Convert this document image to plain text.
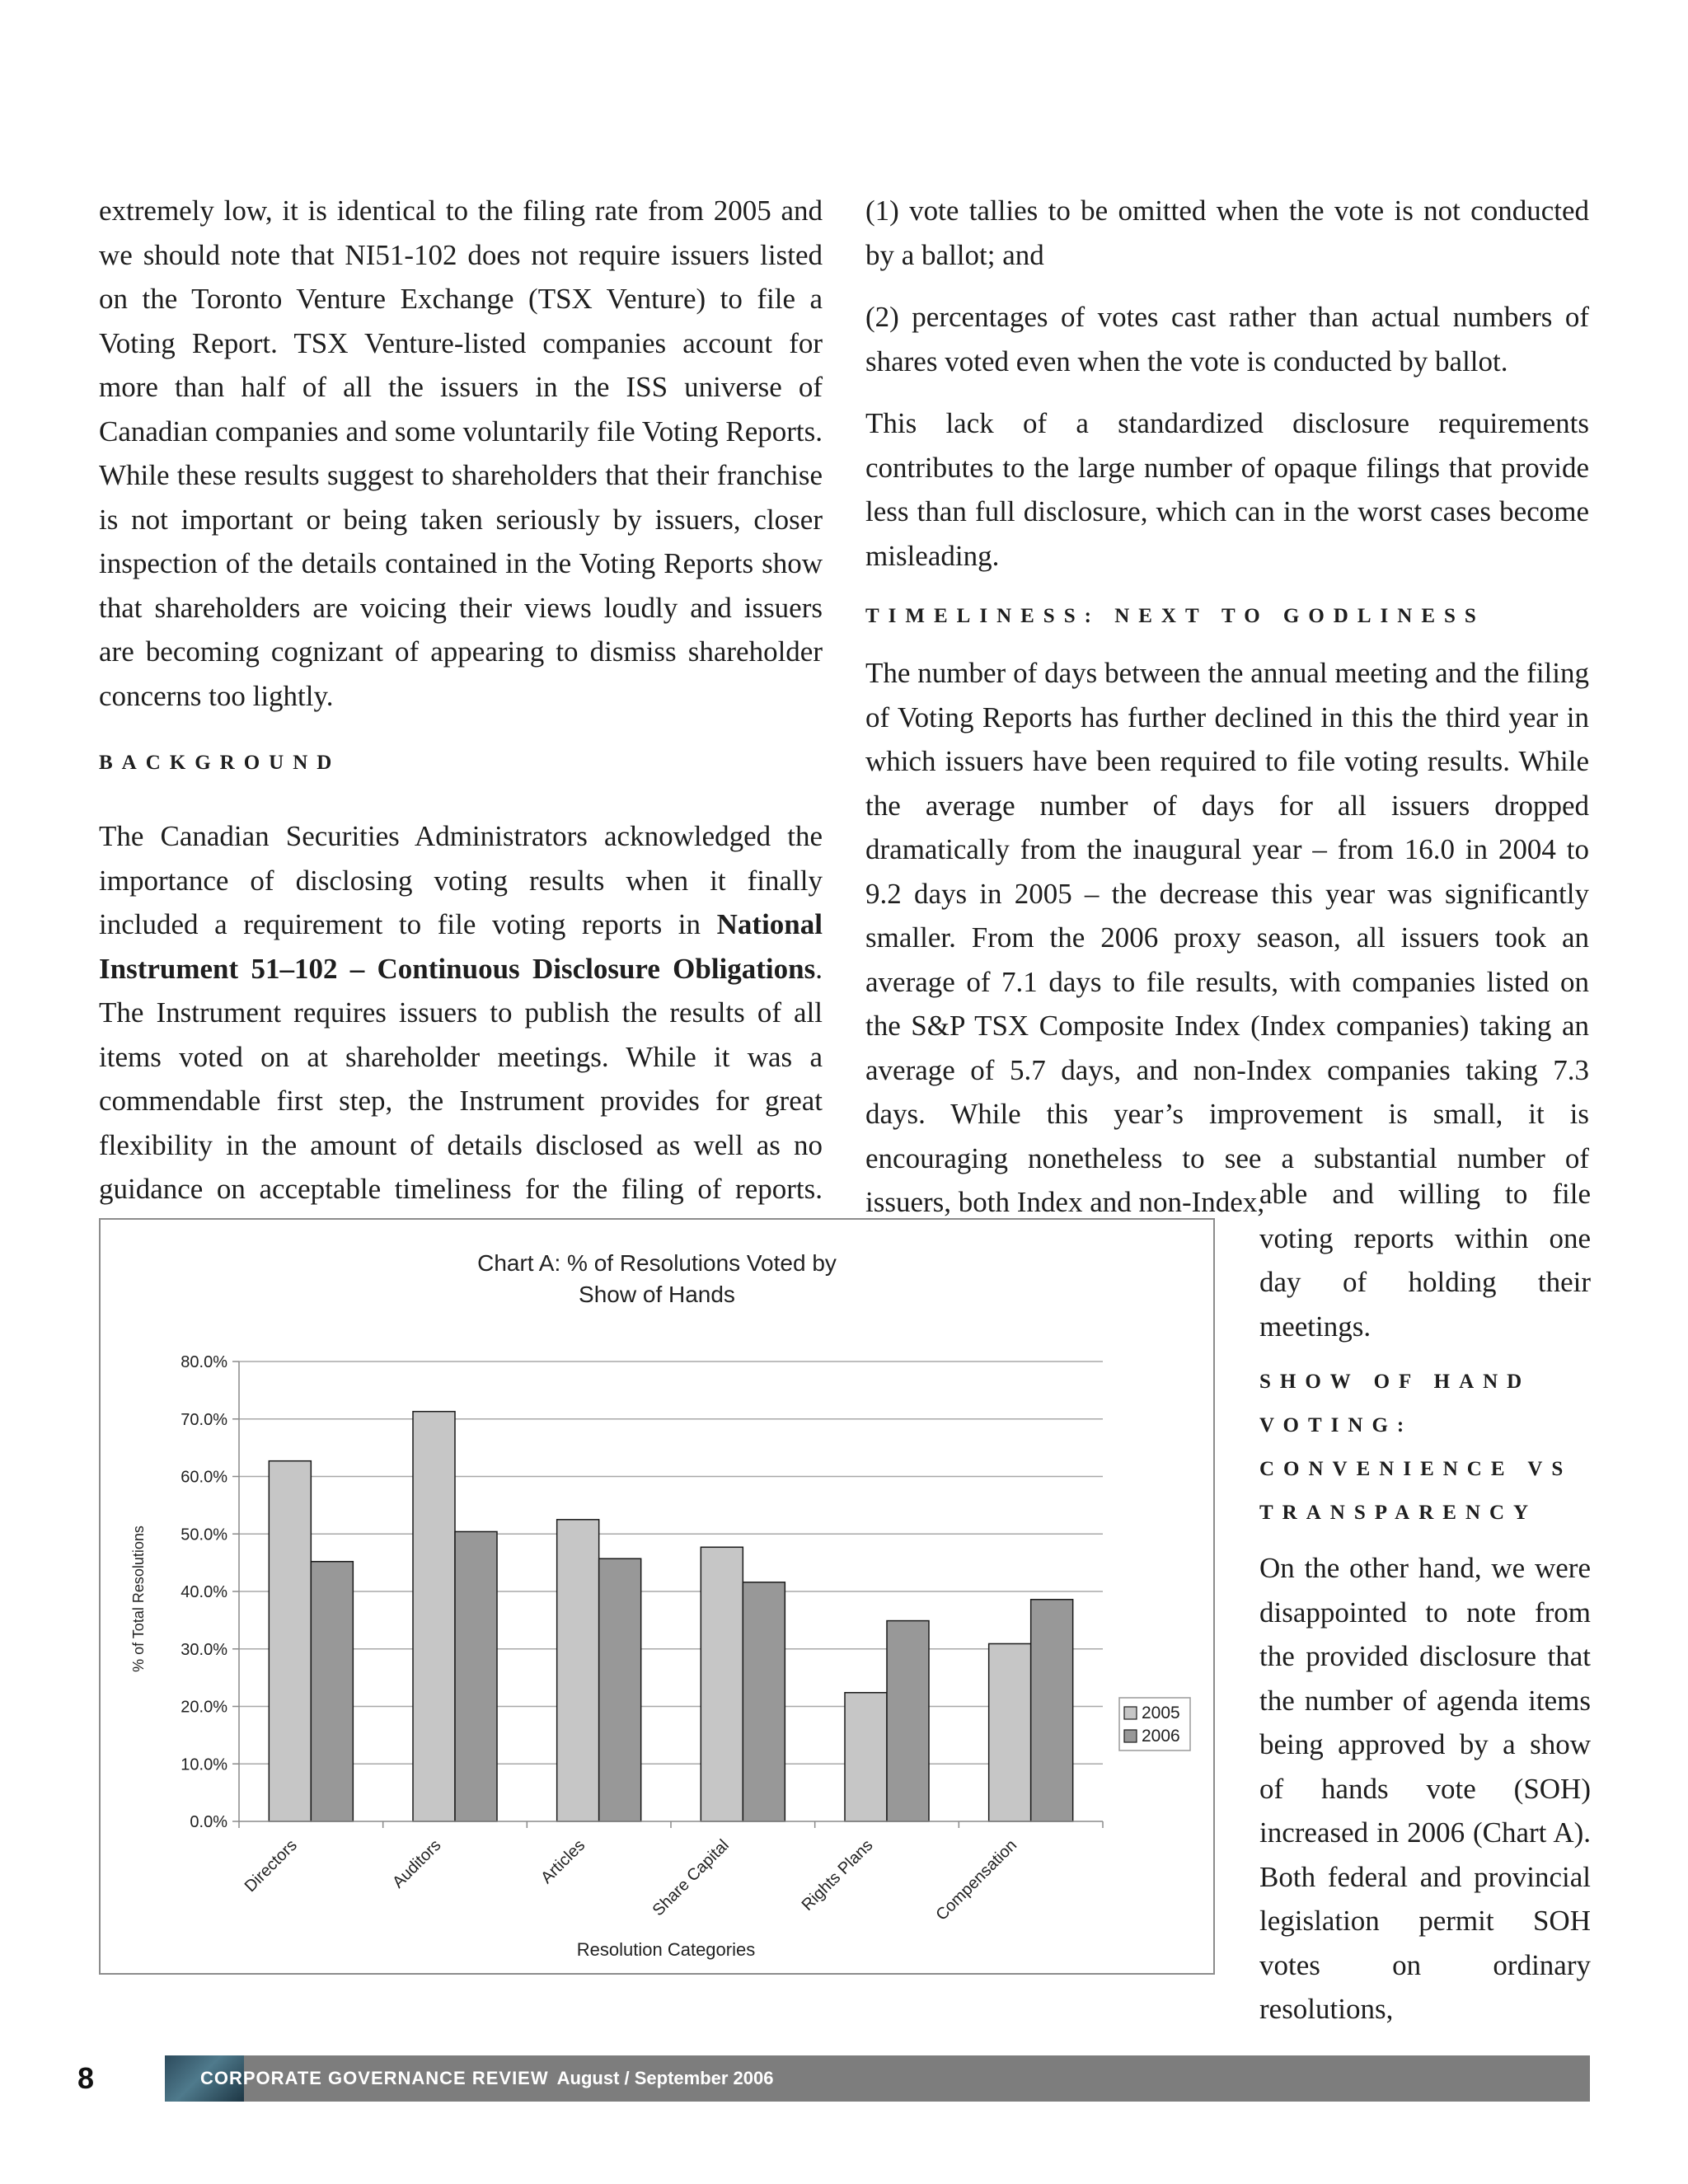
extremely low, it is identical to the filing rate from 2005 and we should note that NI51-102 does not require issuers listed on the Toronto Venture Exchange (TSX Venture) to file a Voting Report. TSX Venture-listed companies account for more than half of all the issuers in the ISS universe of Canadian companies and some voluntarily file Voting Reports. While these results suggest to shareholders that their franchise is not important or being taken seriously by issuers, closer inspection of the details contained in the Voting Reports show that shareholders are voicing their views loudly and issuers are becoming cognizant of appearing to dismiss shareholder concerns too lightly.

BACKGROUND

The Canadian Securities Administrators acknowledged the importance of disclosing voting results when it finally included a requirement to file voting reports in National Instrument 51–102 – Continuous Disclosure Obligations. The Instrument requires issuers to publish the results of all items voted on at shareholder meetings. While it was a commendable first step, the Instrument provides for great flexibility in the amount of details disclosed as well as no guidance on acceptable timeliness for the filing of reports.

(1) vote tallies to be omitted when the vote is not conducted by a ballot; and

(2) percentages of votes cast rather than actual numbers of shares voted even when the vote is conducted by ballot.

This lack of a standardized disclosure requirements contributes to the large number of opaque filings that provide less than full disclosure, which can in the worst cases become misleading.

TIMELINESS: NEXT TO GODLINESS

The number of days between the annual meeting and the filing of Voting Reports has further declined in this the third year in which issuers have been required to file voting results. While the average number of days for all issuers dropped dramatically from the inaugural year – from 16.0 in 2004 to 9.2 days in 2005 – the decrease this year was significantly smaller. From the 2006 proxy season, all issuers took an average of 7.1 days to file results, with companies listed on the S&P TSX Composite Index (Index companies) taking an average of 5.7 days, and non-Index companies taking 7.3 days. While this year’s improvement is small, it is encouraging nonetheless to see a substantial number of issuers, both Index and non-Index,

able and willing to file voting reports within one day of holding their meetings.

SHOW OF HAND VOTING: CONVENIENCE VS TRANSPARENCY

On the other hand, we were disappointed to note from the provided disclosure that the number of agenda items being approved by a show of hands vote (SOH) increased in 2006 (Chart A). Both federal and provincial legislation permit SOH votes on ordinary resolutions,

Chart A: % of Resolutions Voted by
Show of Hands
0.0%
10.0%
20.0%
30.0%
40.0%
50.0%
60.0%
70.0%
80.0%
Directors	Auditors	Articles	Share Capital	Rights Plans	Compensation
% of Total Resolutions
Resolution Categories
2005
2006
8	CORPORATE GOVERNANCE REVIEW August / September 2006
